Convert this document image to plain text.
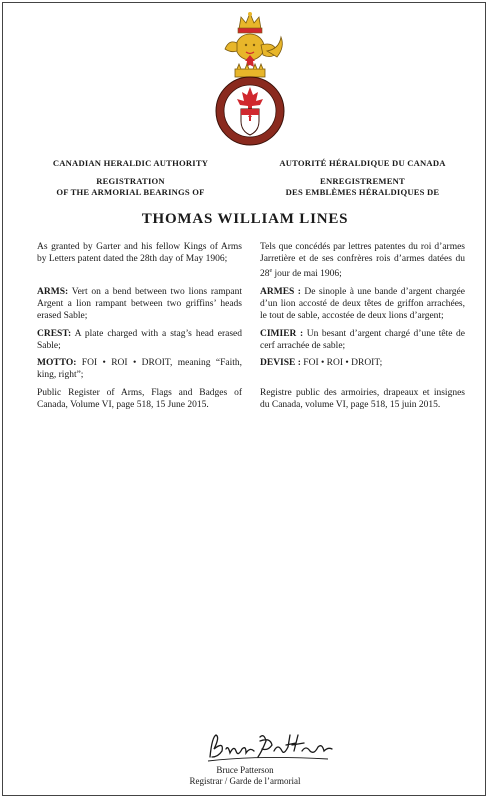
CANADIAN HERALDIC AUTHORITY	AUTORITÉ HÉRALDIQUE DU CANADA
REGISTRATION
OF THE ARMORIAL BEARINGS OF
ENREGISTREMENT
DES EMBLÈMES HÉRALDIQUES DE
THOMAS WILLIAM LINES
As granted by Garter and his fellow Kings of Arms by Letters patent dated the 28th day of May 1906;
ARMS: Vert on a bend between two lions rampant Argent a lion rampant between two griffins’ heads erased Sable;
CREST: A plate charged with a stag’s head erased Sable;
MOTTO: FOI • ROI • DROIT, meaning “Faith, king, right”;
Public Register of Arms, Flags and Badges of Canada, Volume VI, page 518, 15 June 2015.
Tels que concédés par lettres patentes du roi d’armes Jarretière et de ses confrères rois d’armes datées du 28e jour de mai 1906;
ARMES : De sinople à une bande d’argent chargée d’un lion accosté de deux têtes de griffon arrachées, le tout de sable, accostée de deux lions d’argent;
CIMIER : Un besant d’argent chargé d’une tête de cerf arrachée de sable;
DEVISE : FOI • ROI • DROIT;
Registre public des armoiries, drapeaux et insignes du Canada, volume VI, page 518, 15 juin 2015.
Bruce Patterson
Registrar / Garde de l’armorial
